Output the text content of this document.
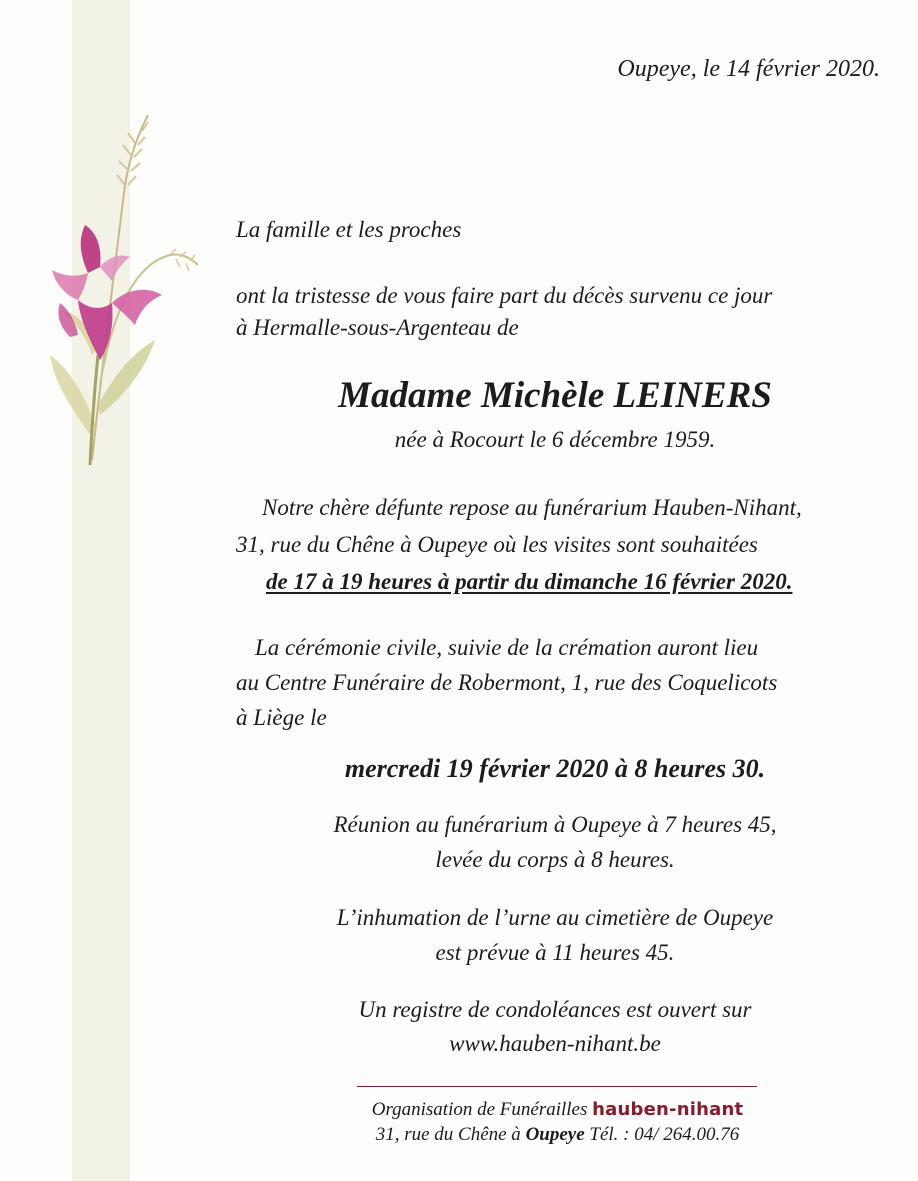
Oupeye, le 14 février 2020.
La famille et les proches
ont la tristesse de vous faire part du décès survenu ce jour
à Hermalle-sous-Argenteau de
Madame Michèle LEINERS
née à Rocourt le 6 décembre 1959.
Notre chère défunte repose au funérarium Hauben-Nihant,
31, rue du Chêne à Oupeye où les visites sont souhaitées
de 17 à 19 heures à partir du dimanche 16 février 2020.
La cérémonie civile, suivie de la crémation auront lieu
au Centre Funéraire de Robermont, 1, rue des Coquelicots
à Liège le
mercredi 19 février 2020 à 8 heures 30.
Réunion au funérarium à Oupeye à 7 heures 45,
levée du corps à 8 heures.
L’inhumation de l’urne au cimetière de Oupeye
est prévue à 11 heures 45.
Un registre de condoléances est ouvert sur
www.hauben-nihant.be
Organisation de Funérailles hauben-nihant
31, rue du Chêne à Oupeye Tél. : 04/ 264.00.76
